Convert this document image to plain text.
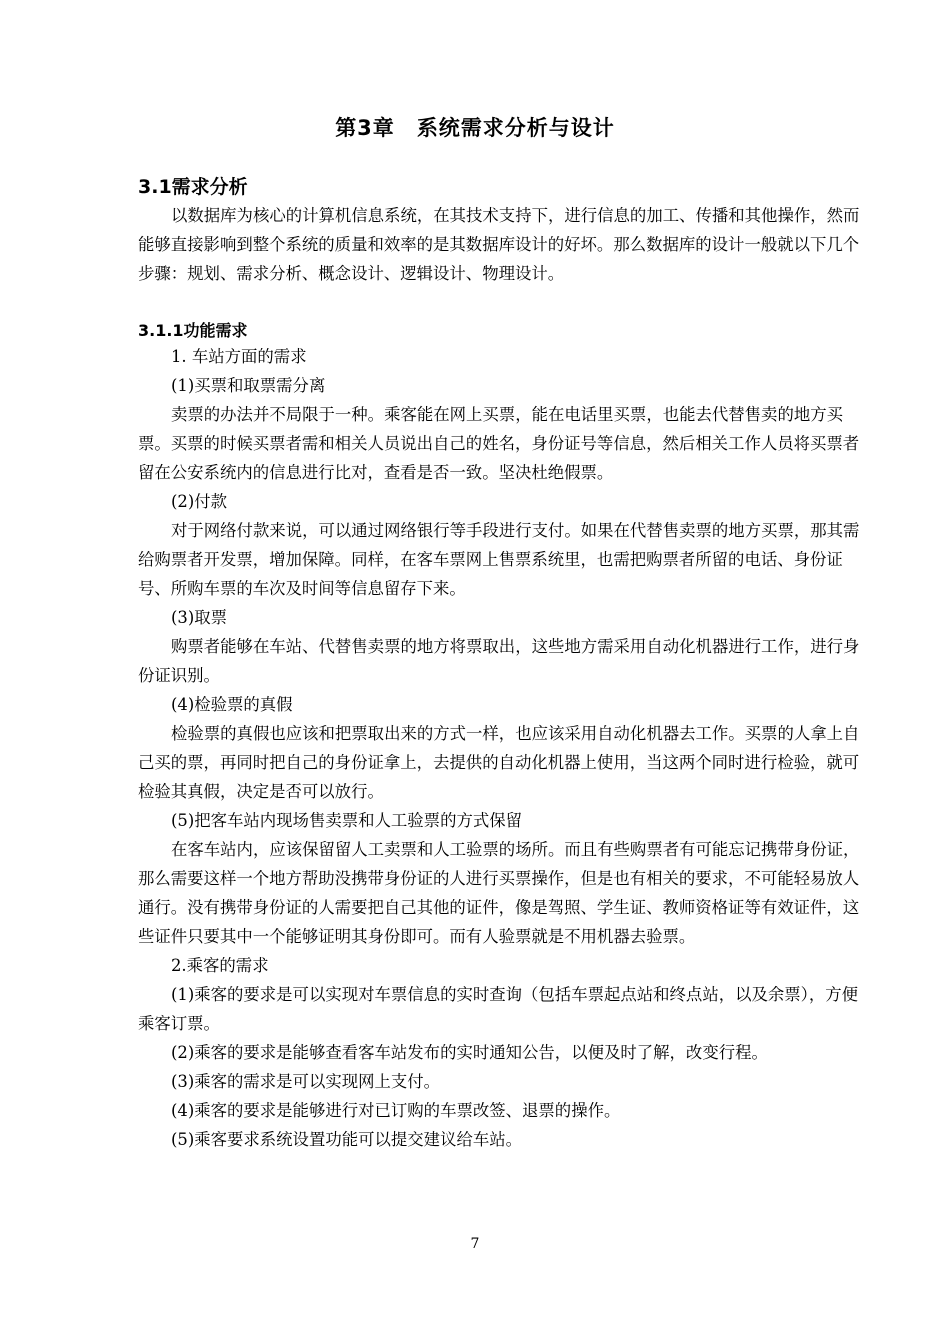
第3章 系统需求分析与设计
3.1需求分析

以数据库为核心的计算机信息系统，在其技术支持下，进行信息的加工、传播和其他操作，然而能够直接影响到整个系统的质量和效率的是其数据库设计的好坏。那么数据库的设计一般就以下几个步骤：规划、需求分析、概念设计、逻辑设计、物理设计。

3.1.1功能需求

1. 车站方面的需求

(1)买票和取票需分离

卖票的办法并不局限于一种。乘客能在网上买票，能在电话里买票，也能去代替售卖的地方买票。买票的时候买票者需和相关人员说出自己的姓名，身份证号等信息，然后相关工作人员将买票者留在公安系统内的信息进行比对，查看是否一致。坚决杜绝假票。

(2)付款

对于网络付款来说，可以通过网络银行等手段进行支付。如果在代替售卖票的地方买票，那其需给购票者开发票，增加保障。同样，在客车票网上售票系统里，也需把购票者所留的电话、身份证号、所购车票的车次及时间等信息留存下来。

(3)取票

购票者能够在车站、代替售卖票的地方将票取出，这些地方需采用自动化机器进行工作，进行身份证识别。

(4)检验票的真假

检验票的真假也应该和把票取出来的方式一样，也应该采用自动化机器去工作。买票的人拿上自己买的票，再同时把自己的身份证拿上，去提供的自动化机器上使用，当这两个同时进行检验，就可检验其真假，决定是否可以放行。

(5)把客车站内现场售卖票和人工验票的方式保留

在客车站内，应该保留留人工卖票和人工验票的场所。而且有些购票者有可能忘记携带身份证，那么需要这样一个地方帮助没携带身份证的人进行买票操作，但是也有相关的要求，不可能轻易放人通行。没有携带身份证的人需要把自己其他的证件，像是驾照、学生证、教师资格证等有效证件，这些证件只要其中一个能够证明其身份即可。而有人验票就是不用机器去验票。

2.乘客的需求

(1)乘客的要求是可以实现对车票信息的实时查询（包括车票起点站和终点站，以及余票），方便乘客订票。

(2)乘客的要求是能够查看客车站发布的实时通知公告，以便及时了解，改变行程。

(3)乘客的需求是可以实现网上支付。

(4)乘客的要求是能够进行对已订购的车票改签、退票的操作。

(5)乘客要求系统设置功能可以提交建议给车站。

7
